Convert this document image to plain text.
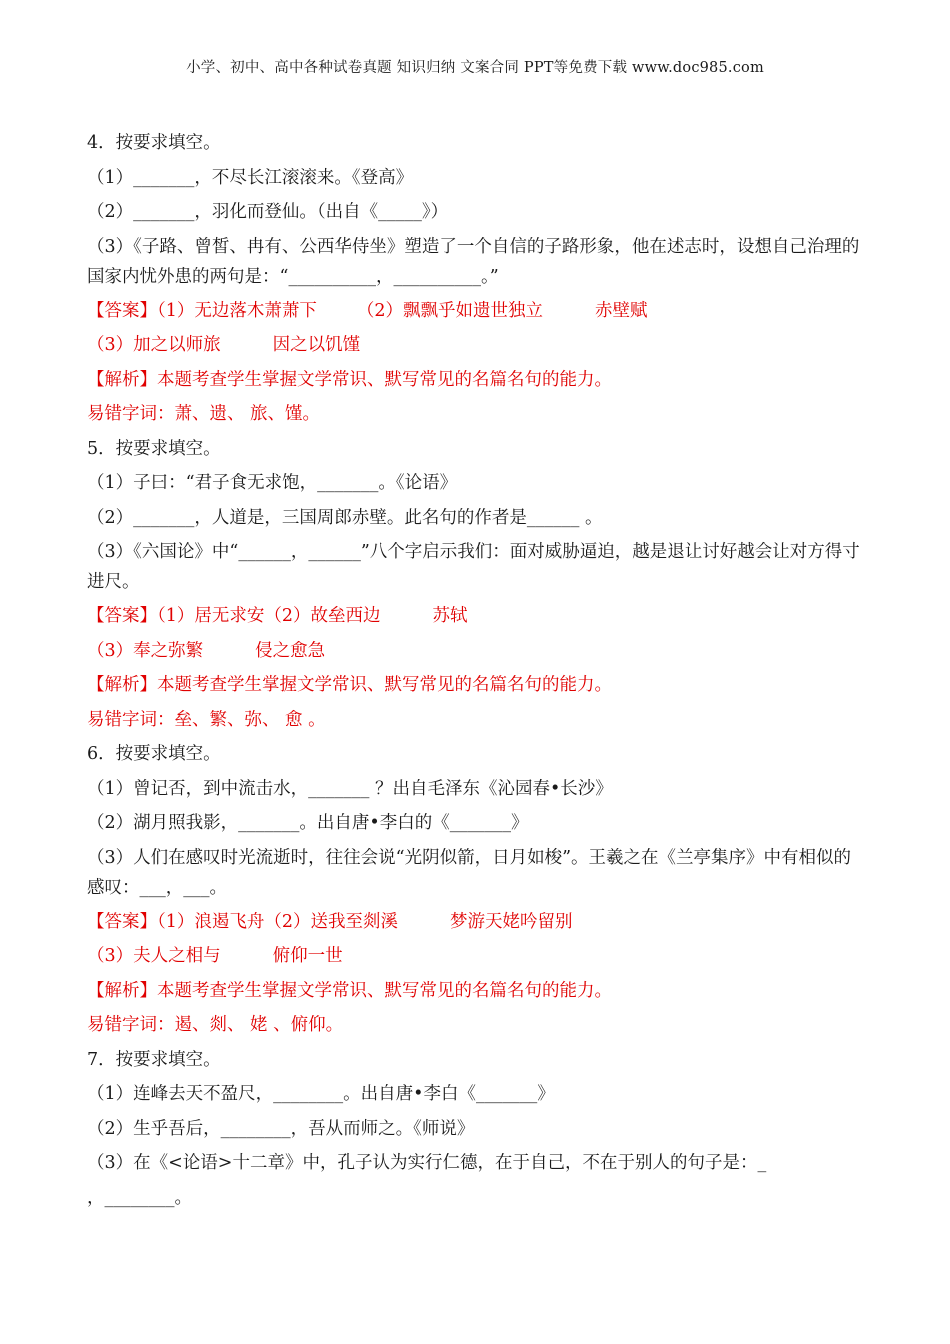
小学、初中、高中各种试卷真题 知识归纳 文案合同 PPT等免费下载 www.doc985.com
4．按要求填空。
（1）_______，不尽长江滚滚来。《登高》
（2）_______，羽化而登仙。（出自《_____》）
（3）《子路、曾皙、冉有、公西华侍坐》塑造了一个自信的子路形象，他在述志时，设想自己治理的国家内忧外患的两句是：“__________，__________。”
【答案】（1）无边落木萧萧下 （2）飘飘乎如遗世独立	赤壁赋
（3）加之以师旅	因之以饥馑
【解析】本题考查学生掌握文学常识、默写常见的名篇名句的能力。
易错字词：萧、遗、 旅、馑。
5．按要求填空。
（1）子曰：“君子食无求饱，_______。《论语》
（2）_______，人道是，三国周郎赤壁。此名句的作者是______ 。
（3）《六国论》中“______，______”八个字启示我们：面对威胁逼迫，越是退让讨好越会让对方得寸进尺。
【答案】（1）居无求安（2）故垒西边	苏轼
（3）奉之弥繁	侵之愈急
【解析】本题考查学生掌握文学常识、默写常见的名篇名句的能力。
易错字词：垒、繁、弥、 愈 。
6．按要求填空。
（1）曾记否，到中流击水，_______ ？出自毛泽东《沁园春•长沙》
（2）湖月照我影，_______。出自唐•李白的《_______》
（3）人们在感叹时光流逝时，往往会说“光阴似箭，日月如梭”。王羲之在《兰亭集序》中有相似的感叹：___，___。
【答案】（1）浪遏飞舟（2）送我至剡溪	梦游天姥吟留别
（3）夫人之相与	俯仰一世
【解析】本题考查学生掌握文学常识、默写常见的名篇名句的能力。
易错字词：遏、剡、 姥 、俯仰。
7．按要求填空。
（1）连峰去天不盈尺，________。出自唐•李白《_______》
（2）生乎吾后，________，吾从而师之。《师说》
（3）在《<论语>十二章》中，孔子认为实行仁德，在于自己，不在于别人的句子是：_
，________。
